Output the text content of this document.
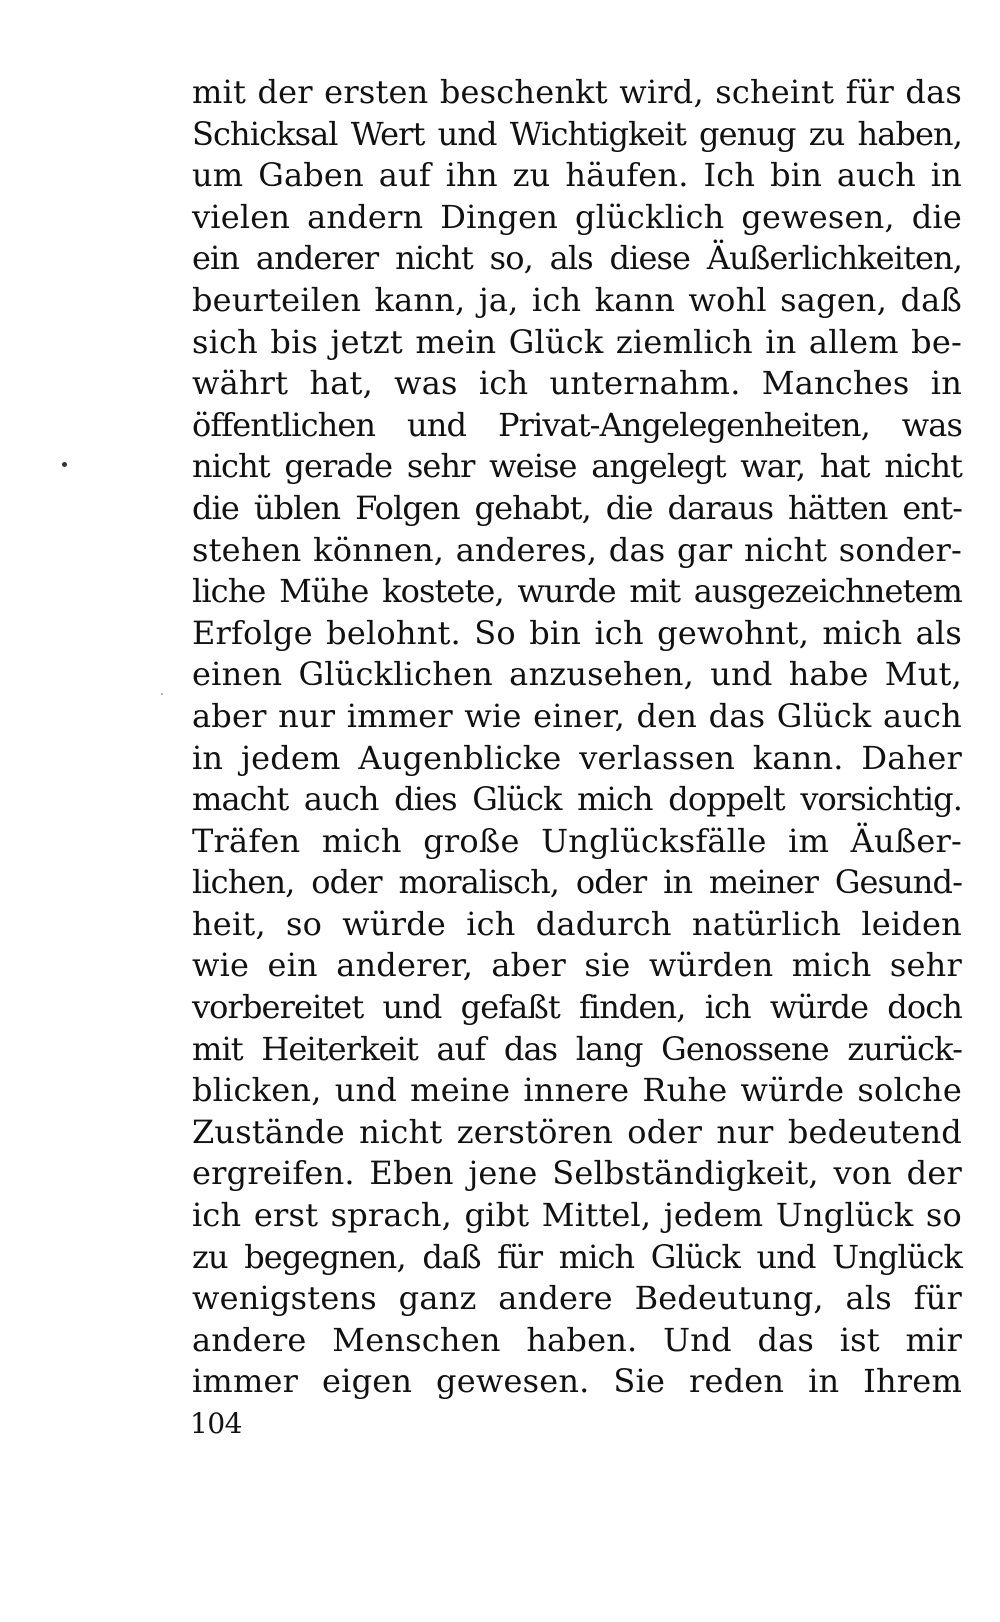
mit der ersten beschenkt wird, scheint für das
Schicksal Wert und Wichtigkeit genug zu haben,
um Gaben auf ihn zu häufen. Ich bin auch in
vielen andern Dingen glücklich gewesen, die
ein anderer nicht so, als diese Äußerlichkeiten,
beurteilen kann, ja, ich kann wohl sagen, daß
sich bis jetzt mein Glück ziemlich in allem be-
währt hat, was ich unternahm. Manches in
öffentlichen und Privat-Angelegenheiten, was
nicht gerade sehr weise angelegt war, hat nicht
die üblen Folgen gehabt, die daraus hätten ent-
stehen können, anderes, das gar nicht sonder-
liche Mühe kostete, wurde mit ausgezeichnetem
Erfolge belohnt. So bin ich gewohnt, mich als
einen Glücklichen anzusehen, und habe Mut,
aber nur immer wie einer, den das Glück auch
in jedem Augenblicke verlassen kann. Daher
macht auch dies Glück mich doppelt vorsichtig.
Träfen mich große Unglücksfälle im Äußer-
lichen, oder moralisch, oder in meiner Gesund-
heit, so würde ich dadurch natürlich leiden
wie ein anderer, aber sie würden mich sehr
vorbereitet und gefaßt finden, ich würde doch
mit Heiterkeit auf das lang Genossene zurück-
blicken, und meine innere Ruhe würde solche
Zustände nicht zerstören oder nur bedeutend
ergreifen. Eben jene Selbständigkeit, von der
ich erst sprach, gibt Mittel, jedem Unglück so
zu begegnen, daß für mich Glück und Unglück
wenigstens ganz andere Bedeutung, als für
andere Menschen haben. Und das ist mir
immer eigen gewesen. Sie reden in Ihrem
104
